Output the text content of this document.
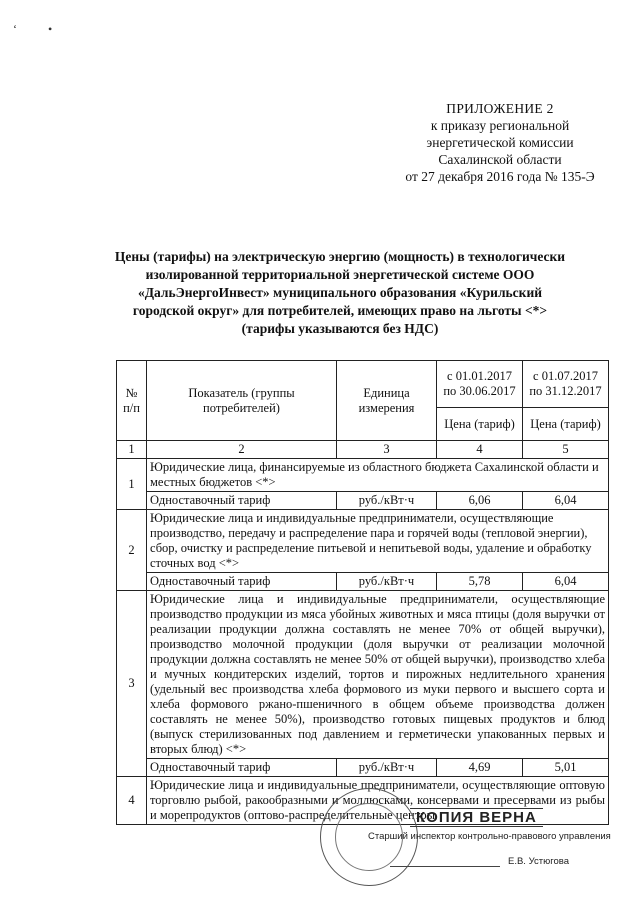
‘ •
ПРИЛОЖЕНИЕ 2
к приказу региональной
энергетической комиссии
Сахалинской области
от 27 декабря 2016 года № 135-Э
Цены (тарифы) на электрическую энергию (мощность) в технологически
изолированной территориальной энергетической системе ООО
«ДальЭнергоИнвест» муниципального образования «Курильский
городской округ» для потребителей, имеющих право на льготы <*>
(тарифы указываются без НДС)
№ п/п	Показатель (группы потребителей)	Единица измерения	с 01.01.2017 по 30.06.2017	с 01.07.2017 по 31.12.2017
			Цена (тариф)	Цена (тариф)
1	2	3	4	5
1	Юридические лица, финансируемые из областного бюджета Сахалинской области и местных бюджетов <*>			
	Одноставочный тариф	руб./кВт·ч	6,06	6,04
2	Юридические лица и индивидуальные предприниматели, осуществляющие производство, передачу и распределение пара и горячей воды (тепловой энергии), сбор, очистку и распределение питьевой и непитьевой воды, удаление и обработку сточных вод <*>			
	Одноставочный тариф	руб./кВт·ч	5,78	6,04
3	Юридические лица и индивидуальные предприниматели, осуществляющие производство продукции из мяса убойных животных и мяса птицы (доля выручки от реализации продукции должна составлять не менее 70% от общей выручки), производство молочной продукции (доля выручки от реализации молочной продукции должна составлять не менее 50% от общей выручки), производство хлеба и мучных кондитерских изделий, тортов и пирожных недлительного хранения (удельный вес производства хлеба формового из муки первого и высшего сорта и хлеба формового ржано-пшеничного в общем объеме производства должен составлять не менее 50%), производство готовых пищевых продуктов и блюд (выпуск стерилизованных под давлением и герметически упакованных первых и вторых блюд) <*>			
	Одноставочный тариф	руб./кВт·ч	4,69	5,01
4	Юридические лица и индивидуальные предприниматели, осуществляющие оптовую торговлю рыбой, ракообразными и моллюсками, консервами и пресервами из рыбы и морепродуктов (оптово-распределительные центры			
КОПИЯ ВЕРНА
Старший инспектор контрольно-правового управления
Е.В. Устюгова
